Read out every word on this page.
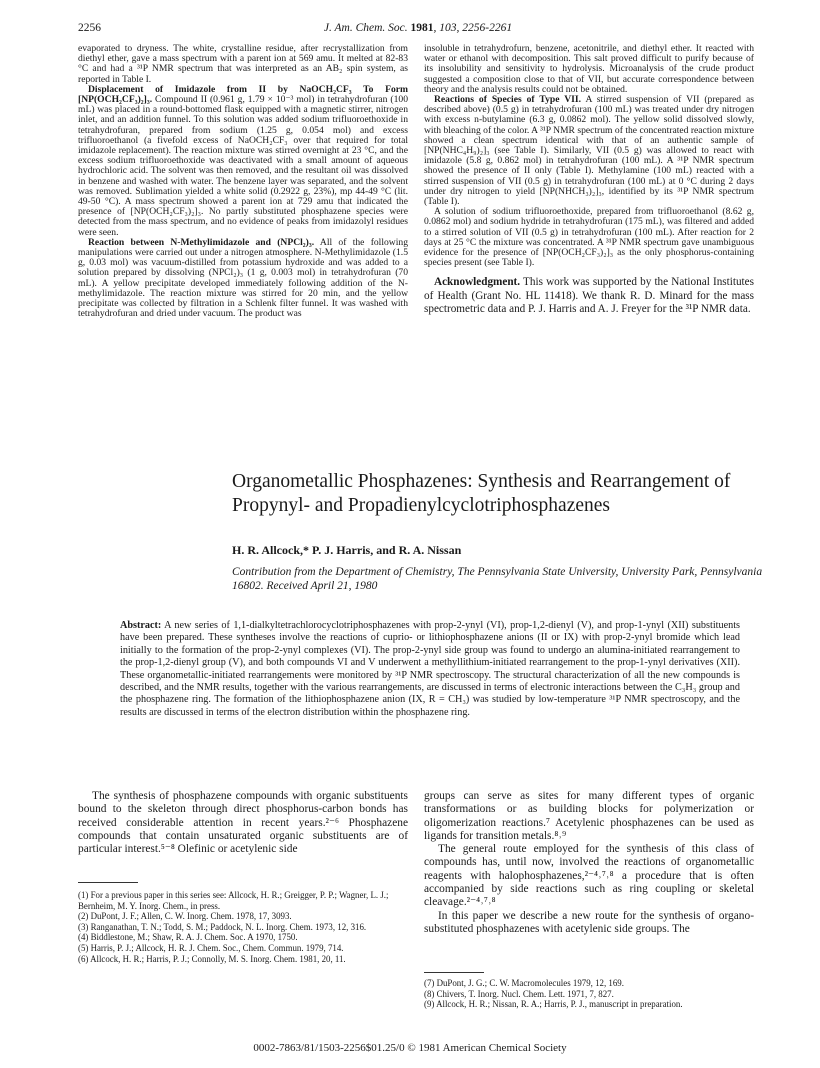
2256	J. Am. Chem. Soc. 1981, 103, 2256-2261

evaporated to dryness. The white, crystalline residue, after recrystallization from diethyl ether, gave a mass spectrum with a parent ion at 569 amu. It melted at 82-83 °C and had a ³¹P NMR spectrum that was interpreted as an AB₂ spin system, as reported in Table I.

Displacement of Imidazole from II by NaOCH₂CF₃ To Form [NP(OCH₂CF₃)₂]₃. Compound II (0.961 g, 1.79 × 10⁻³ mol) in tetrahydrofuran (100 mL) was placed in a round-bottomed flask equipped with a magnetic stirrer, nitrogen inlet, and an addition funnel. To this solution was added sodium trifluoroethoxide in tetrahydrofuran, prepared from sodium (1.25 g, 0.054 mol) and excess trifluoroethanol (a fivefold excess of NaOCH₂CF₃ over that required for total imidazole replacement). The reaction mixture was stirred overnight at 23 °C, and the excess sodium trifluoroethoxide was deactivated with a small amount of aqueous hydrochloric acid. The solvent was then removed, and the resultant oil was dissolved in benzene and washed with water. The benzene layer was separated, and the solvent was removed. Sublimation yielded a white solid (0.2922 g, 23%), mp 44-49 °C (lit. 49-50 °C). A mass spectrum showed a parent ion at 729 amu that indicated the presence of [NP(OCH₂CF₃)₂]₃. No partly substituted phosphazene species were detected from the mass spectrum, and no evidence of peaks from imidazolyl residues were seen.

Reaction between N-Methylimidazole and (NPCl₂)₃. All of the following manipulations were carried out under a nitrogen atmosphere. N-Methylimidazole (1.5 g, 0.03 mol) was vacuum-distilled from potassium hydroxide and was added to a solution prepared by dissolving (NPCl₂)₃ (1 g, 0.003 mol) in tetrahydrofuran (70 mL). A yellow precipitate developed immediately following addition of the N-methylimidazole. The reaction mixture was stirred for 20 min, and the yellow precipitate was collected by filtration in a Schlenk filter funnel. It was washed with tetrahydrofuran and dried under vacuum. The product was

insoluble in tetrahydrofurn, benzene, acetonitrile, and diethyl ether. It reacted with water or ethanol with decomposition. This salt proved difficult to purify because of its insolubility and sensitivity to hydrolysis. Microanalysis of the crude product suggested a composition close to that of VII, but accurate correspondence between theory and the analysis results could not be obtained.

Reactions of Species of Type VII. A stirred suspension of VII (prepared as described above) (0.5 g) in tetrahydrofuran (100 mL) was treated under dry nitrogen with excess n-butylamine (6.3 g, 0.0862 mol). The yellow solid dissolved slowly, with bleaching of the color. A ³¹P NMR spectrum of the concentrated reaction mixture showed a clean spectrum identical with that of an authentic sample of [NP(NHC₄H₉)₂]₃ (see Table I). Similarly, VII (0.5 g) was allowed to react with imidazole (5.8 g, 0.862 mol) in tetrahydrofuran (100 mL). A ³¹P NMR spectrum showed the presence of II only (Table I). Methylamine (100 mL) reacted with a stirred suspension of VII (0.5 g) in tetrahydrofuran (100 mL) at 0 °C during 2 days under dry nitrogen to yield [NP(NHCH₃)₂]₃, identified by its ³¹P NMR spectrum (Table I).

A solution of sodium trifluoroethoxide, prepared from trifluoroethanol (8.62 g, 0.0862 mol) and sodium hydride in tetrahydrofuran (175 mL), was filtered and added to a stirred solution of VII (0.5 g) in tetrahydrofuran (100 mL). After reaction for 2 days at 25 °C the mixture was concentrated. A ³¹P NMR spectrum gave unambiguous evidence for the presence of [NP(OCH₂CF₃)₂]₃ as the only phosphorus-containing species present (see Table I).

Acknowledgment. This work was supported by the National Institutes of Health (Grant No. HL 11418). We thank R. D. Minard for the mass spectrometric data and P. J. Harris and A. J. Freyer for the ³¹P NMR data.

Organometallic Phosphazenes: Synthesis and Rearrangement of Propynyl- and Propadienylcyclotriphosphazenes
H. R. Allcock,* P. J. Harris, and R. A. Nissan
Contribution from the Department of Chemistry, The Pennsylvania State University, University Park, Pennsylvania 16802. Received April 21, 1980
Abstract: A new series of 1,1-dialkyltetrachlorocyclotriphosphazenes with prop-2-ynyl (VI), prop-1,2-dienyl (V), and prop-1-ynyl (XII) substituents have been prepared. These syntheses involve the reactions of cuprio- or lithiophosphazene anions (II or IX) with prop-2-ynyl bromide which lead initially to the formation of the prop-2-ynyl complexes (VI). The prop-2-ynyl side group was found to undergo an alumina-initiated rearrangement to the prop-1,2-dienyl group (V), and both compounds VI and V underwent a methyllithium-initiated rearrangement to the prop-1-ynyl derivatives (XII). These organometallic-initiated rearrangements were monitored by ³¹P NMR spectroscopy. The structural characterization of all the new compounds is described, and the NMR results, together with the various rearrangements, are discussed in terms of electronic interactions between the C₃H₃ group and the phosphazene ring. The formation of the lithiophosphazene anion (IX, R = CH₃) was studied by low-temperature ³¹P NMR spectroscopy, and the results are discussed in terms of the electron distribution within the phosphazene ring.

The synthesis of phosphazene compounds with organic substituents bound to the skeleton through direct phosphorus-carbon bonds has received considerable attention in recent years.²⁻⁶ Phosphazene compounds that contain unsaturated organic substituents are of particular interest.⁵⁻⁸ Olefinic or acetylenic side

(1) For a previous paper in this series see: Allcock, H. R.; Greigger, P. P.; Wagner, L. J.; Bernheim, M. Y. Inorg. Chem., in press.
(2) DuPont, J. F.; Allen, C. W. Inorg. Chem. 1978, 17, 3093.
(3) Ranganathan, T. N.; Todd, S. M.; Paddock, N. L. Inorg. Chem. 1973, 12, 316.
(4) Biddlestone, M.; Shaw, R. A. J. Chem. Soc. A 1970, 1750.
(5) Harris, P. J.; Allcock, H. R. J. Chem. Soc., Chem. Commun. 1979, 714.
(6) Allcock, H. R.; Harris, P. J.; Connolly, M. S. Inorg. Chem. 1981, 20, 11.

groups can serve as sites for many different types of organic transformations or as building blocks for polymerization or oligomerization reactions.⁷ Acetylenic phosphazenes can be used as ligands for transition metals.⁸˒⁹

The general route employed for the synthesis of this class of compounds has, until now, involved the reactions of organometallic reagents with halophosphazenes,²⁻⁴˒⁷˒⁸ a procedure that is often accompanied by side reactions such as ring coupling or skeletal cleavage.²⁻⁴˒⁷˒⁸

In this paper we describe a new route for the synthesis of organo-substituted phosphazenes with acetylenic side groups. The

(7) DuPont, J. G.; C. W. Macromolecules 1979, 12, 169.
(8) Chivers, T. Inorg. Nucl. Chem. Lett. 1971, 7, 827.
(9) Allcock, H. R.; Nissan, R. A.; Harris, P. J., manuscript in preparation.
0002-7863/81/1503-2256$01.25/0 © 1981 American Chemical Society
